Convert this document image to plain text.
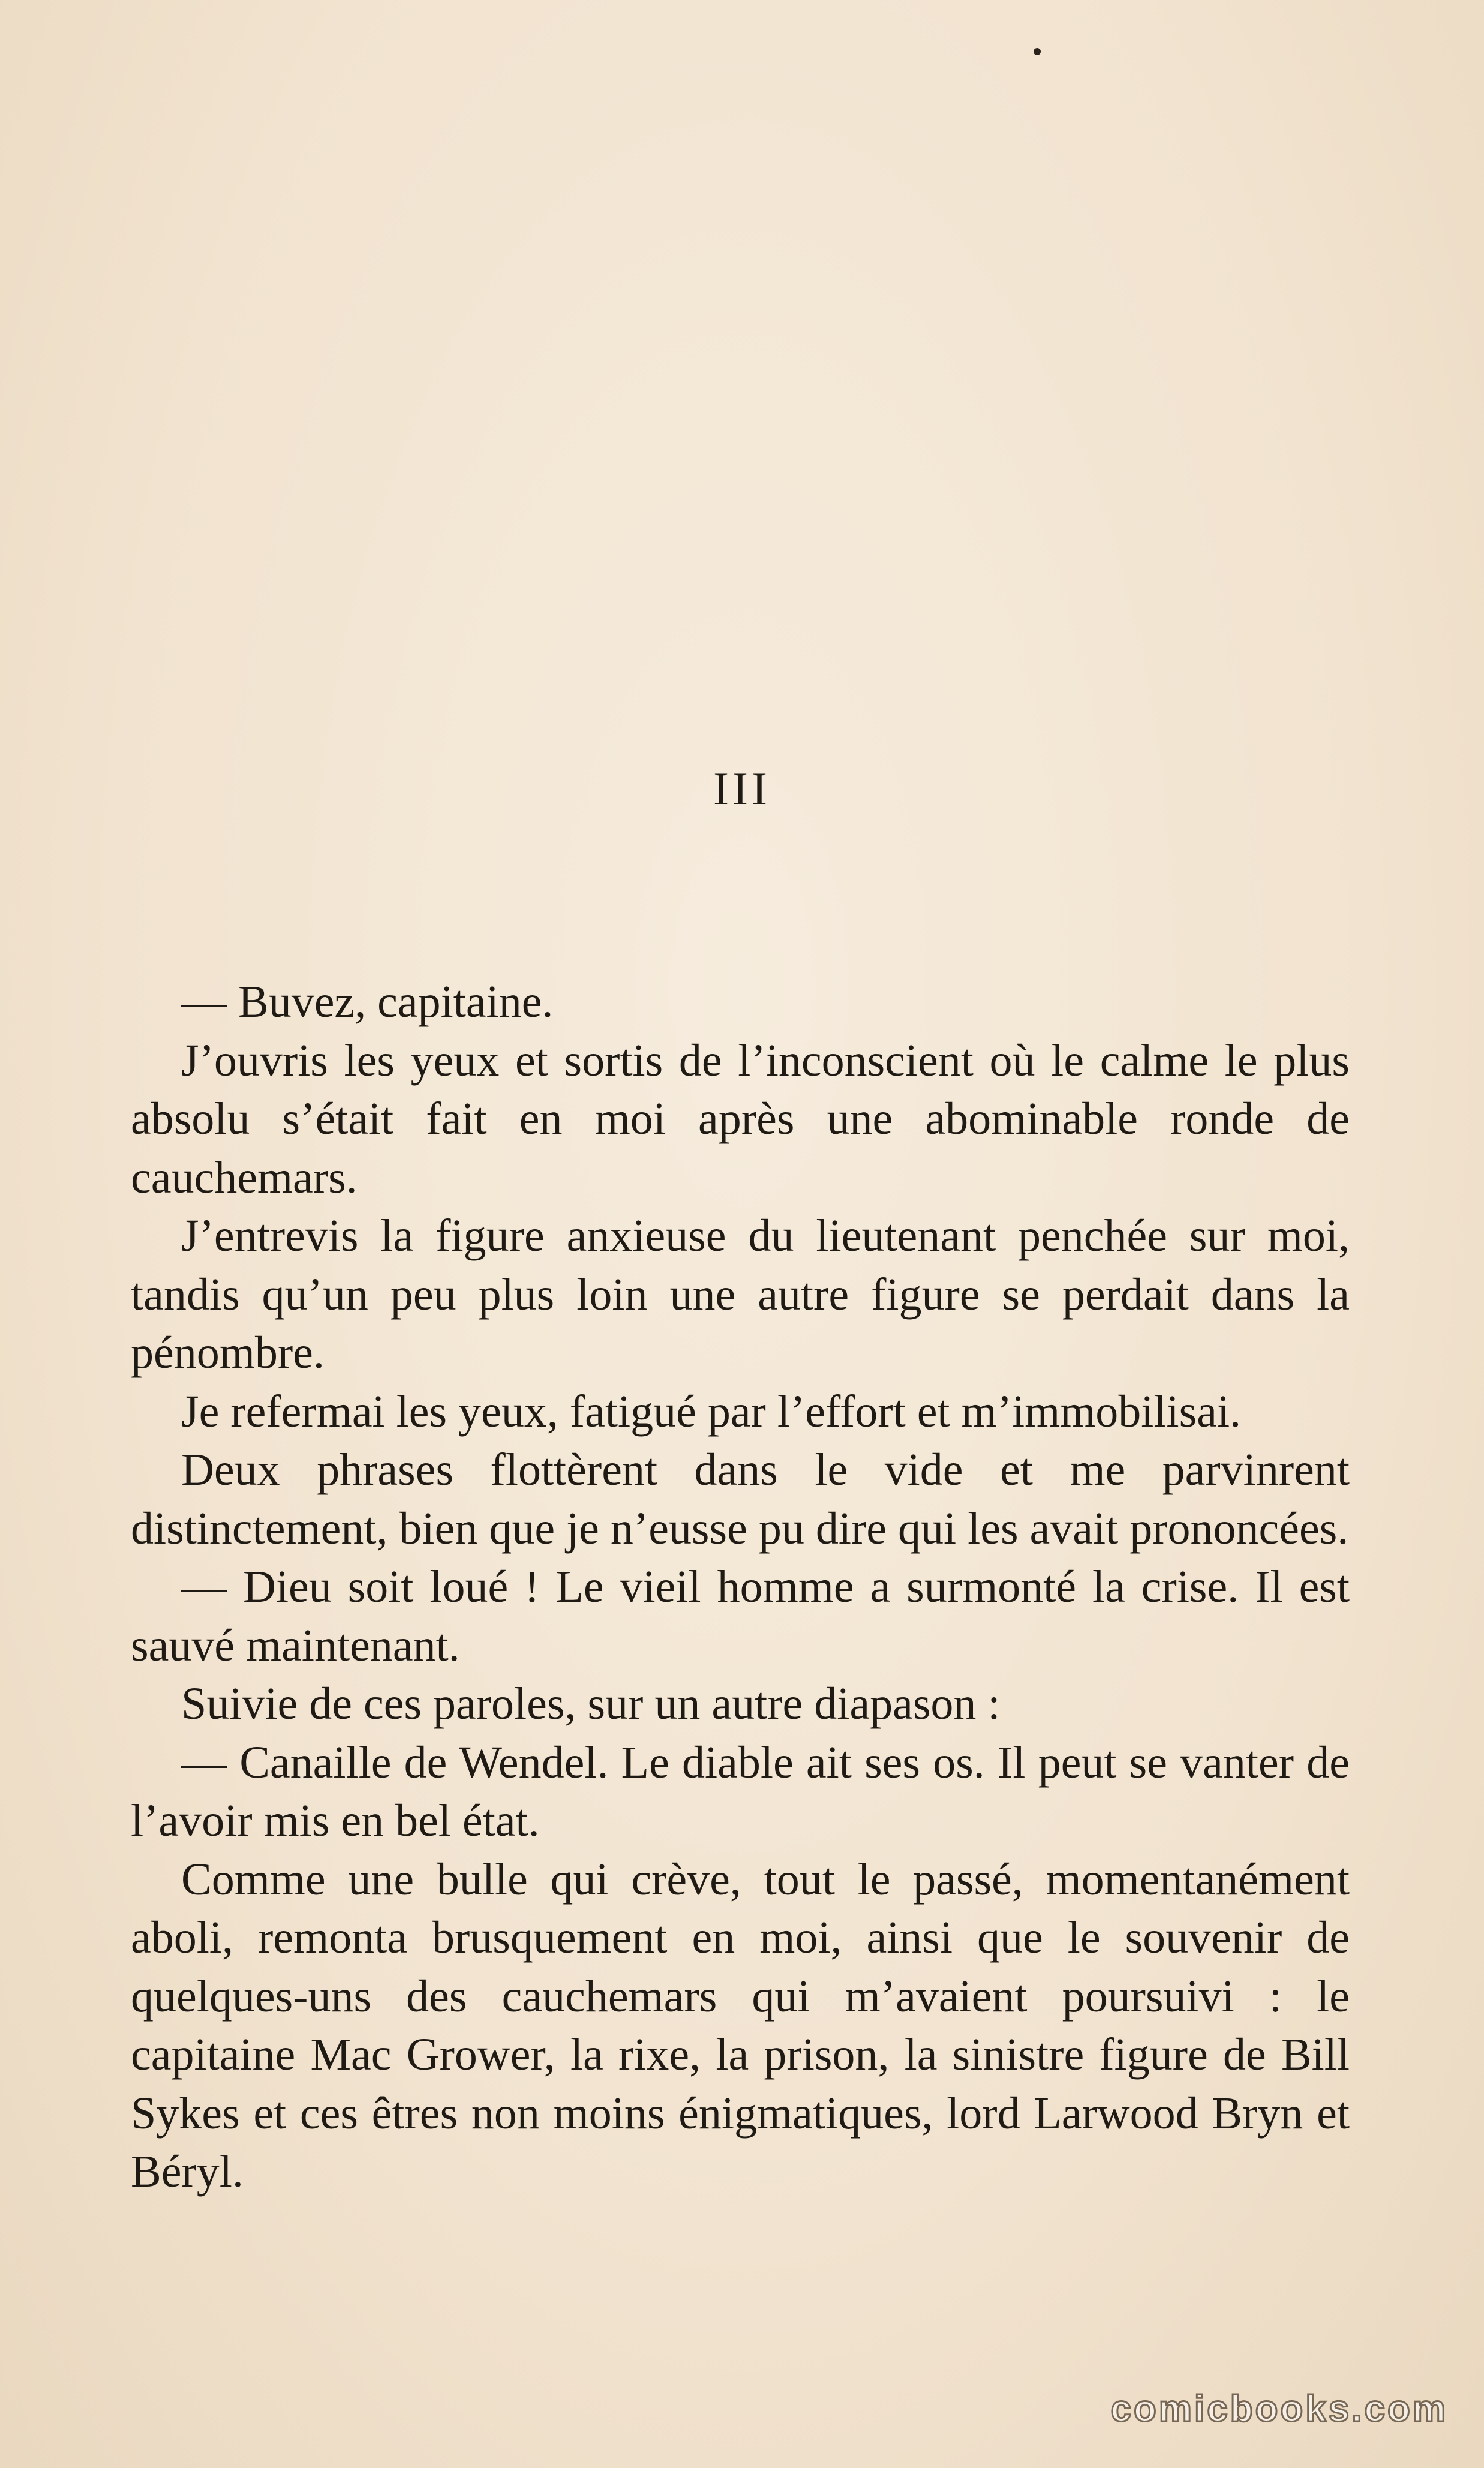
III

— Buvez, capitaine.

J’ouvris les yeux et sortis de l’inconscient où le calme le plus absolu s’était fait en moi après une abominable ronde de cauchemars.

J’entrevis la figure anxieuse du lieutenant penchée sur moi, tandis qu’un peu plus loin une autre figure se perdait dans la pénombre.

Je refermai les yeux, fatigué par l’effort et m’immobilisai.

Deux phrases flottèrent dans le vide et me parvinrent distinctement, bien que je n’eusse pu dire qui les avait prononcées.

— Dieu soit loué ! Le vieil homme a surmonté la crise. Il est sauvé maintenant.

Suivie de ces paroles, sur un autre diapason :

— Canaille de Wendel. Le diable ait ses os. Il peut se vanter de l’avoir mis en bel état.

Comme une bulle qui crève, tout le passé, momentanément aboli, remonta brusquement en moi, ainsi que le souvenir de quelques-uns des cauchemars qui m’avaient poursuivi : le capitaine Mac Grower, la rixe, la prison, la sinistre figure de Bill Sykes et ces êtres non moins énigmatiques, lord Larwood Bryn et Béryl.

comicbooks.com
